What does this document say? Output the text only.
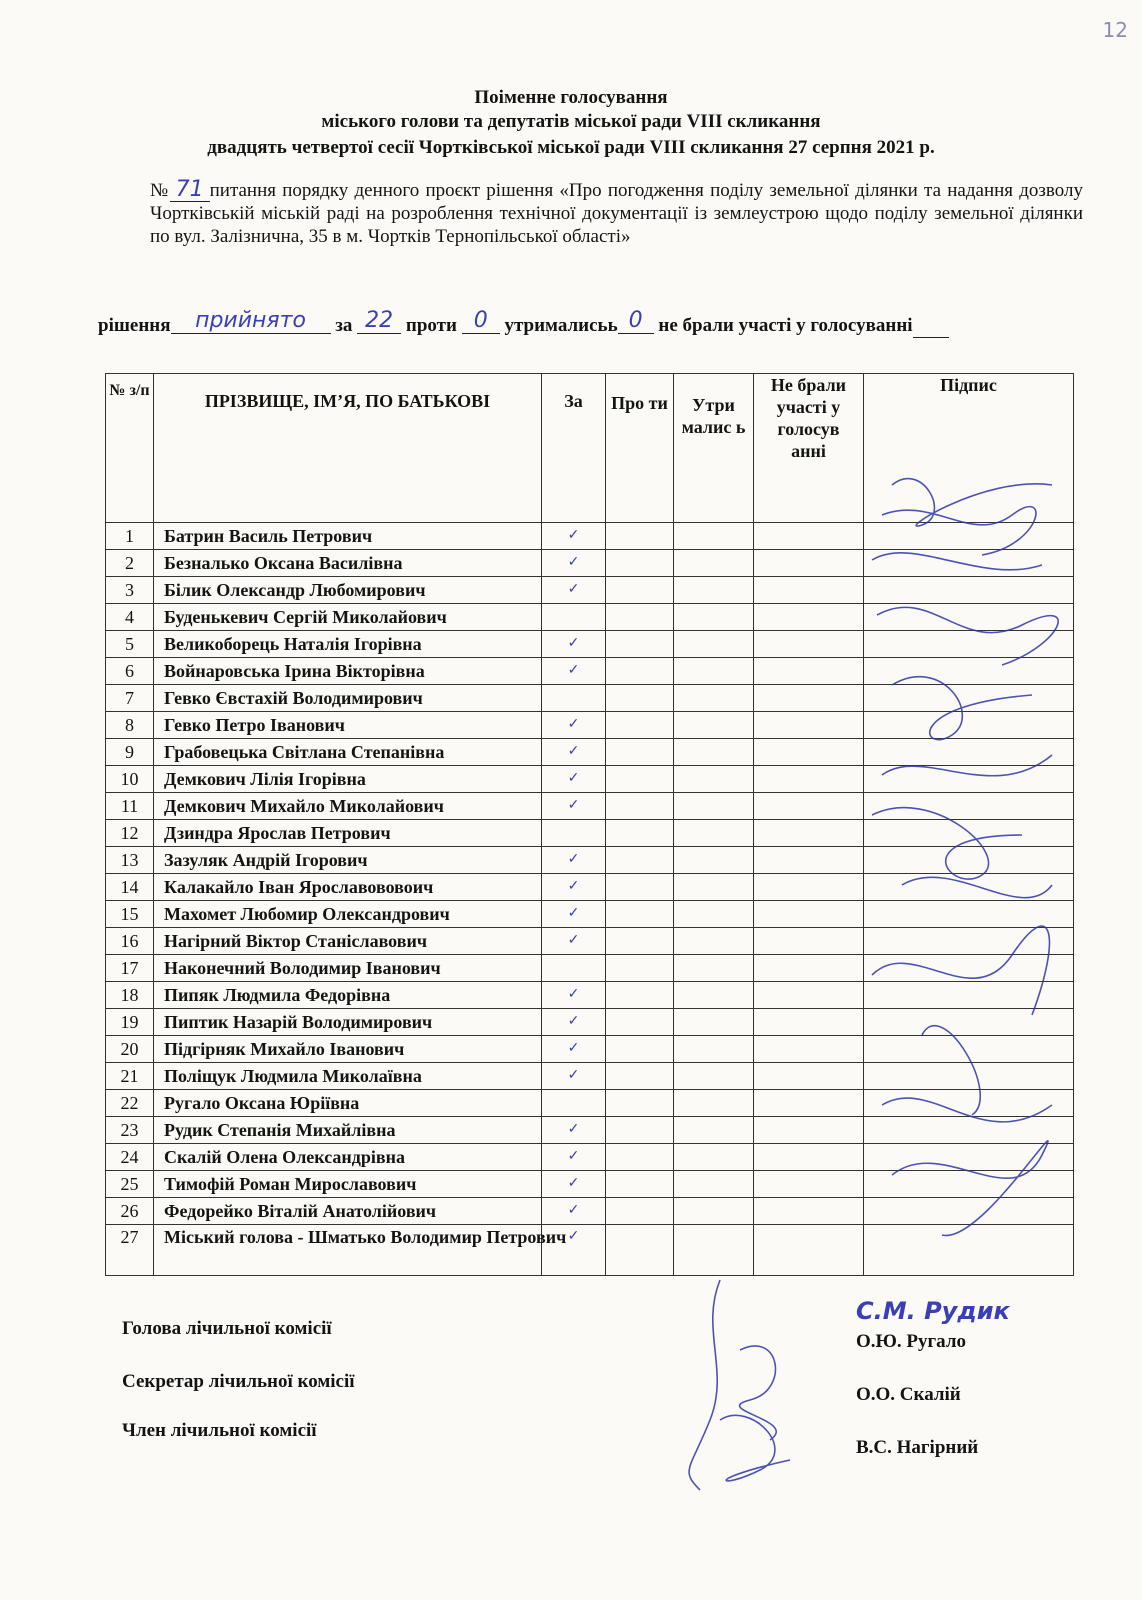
12
Поіменне голосування
міського голови та депутатів міської ради VIII скликання
двадцять четвертої сесії Чортківської міської ради VIII скликання 27 серпня 2021 р.
№ 71 питання порядку денного проєкт рішення «Про погодження поділу земельної ділянки та надання дозволу Чортківській міській раді на розроблення технічної документації із землеустрою щодо поділу земельної ділянки по вул. Залізнична, 35 в м. Чортків Тернопільської області»
рішення прийнято за 22 проти 0 утрималисьь 0 не брали участі у голосуванні
№ з/п	ПРІЗВИЩЕ, ІМ’Я, ПО БАТЬКОВІ	За	Про ти	Утри малис ь	Не брали участі у голосув анні	Підпис
1	Батрин Василь Петрович	✓				
2	Безналько Оксана Василівна	✓				
3	Білик Олександр Любомирович	✓				
4	Буденькевич Сергій Миколайович					
5	Великоборець Наталія Ігорівна	✓				
6	Войнаровська Ірина Вікторівна	✓				
7	Гевко Євстахій Володимирович					
8	Гевко Петро Іванович	✓				
9	Грабовецька Світлана Степанівна	✓				
10	Демкович Лілія Ігорівна	✓				
11	Демкович Михайло Миколайович	✓				
12	Дзиндра Ярослав Петрович					
13	Зазуляк Андрій Ігорович	✓				
14	Калакайло Іван Ярославововоич	✓				
15	Махомет Любомир Олександрович	✓				
16	Нагірний Віктор Станіславович	✓				
17	Наконечний Володимир Іванович					
18	Пипяк Людмила Федорівна	✓				
19	Пиптик Назарій Володимирович	✓				
20	Підгірняк Михайло Іванович	✓				
21	Поліщук Людмила Миколаївна	✓				
22	Ругало Оксана Юріївна					
23	Рудик Степанія Михайлівна	✓				
24	Скалій Олена Олександрівна	✓				
25	Тимофій Роман Мирославович	✓				
26	Федорейко Віталій Анатолійович	✓				
27	Міський голова - Шматько Володимир Петрович	✓				
Голова лічильної комісії
Секретар лічильної комісії
Член лічильної комісії
С.М. Рудик
О.Ю. Ругало
О.О. Скалій
В.С. Нагірний
